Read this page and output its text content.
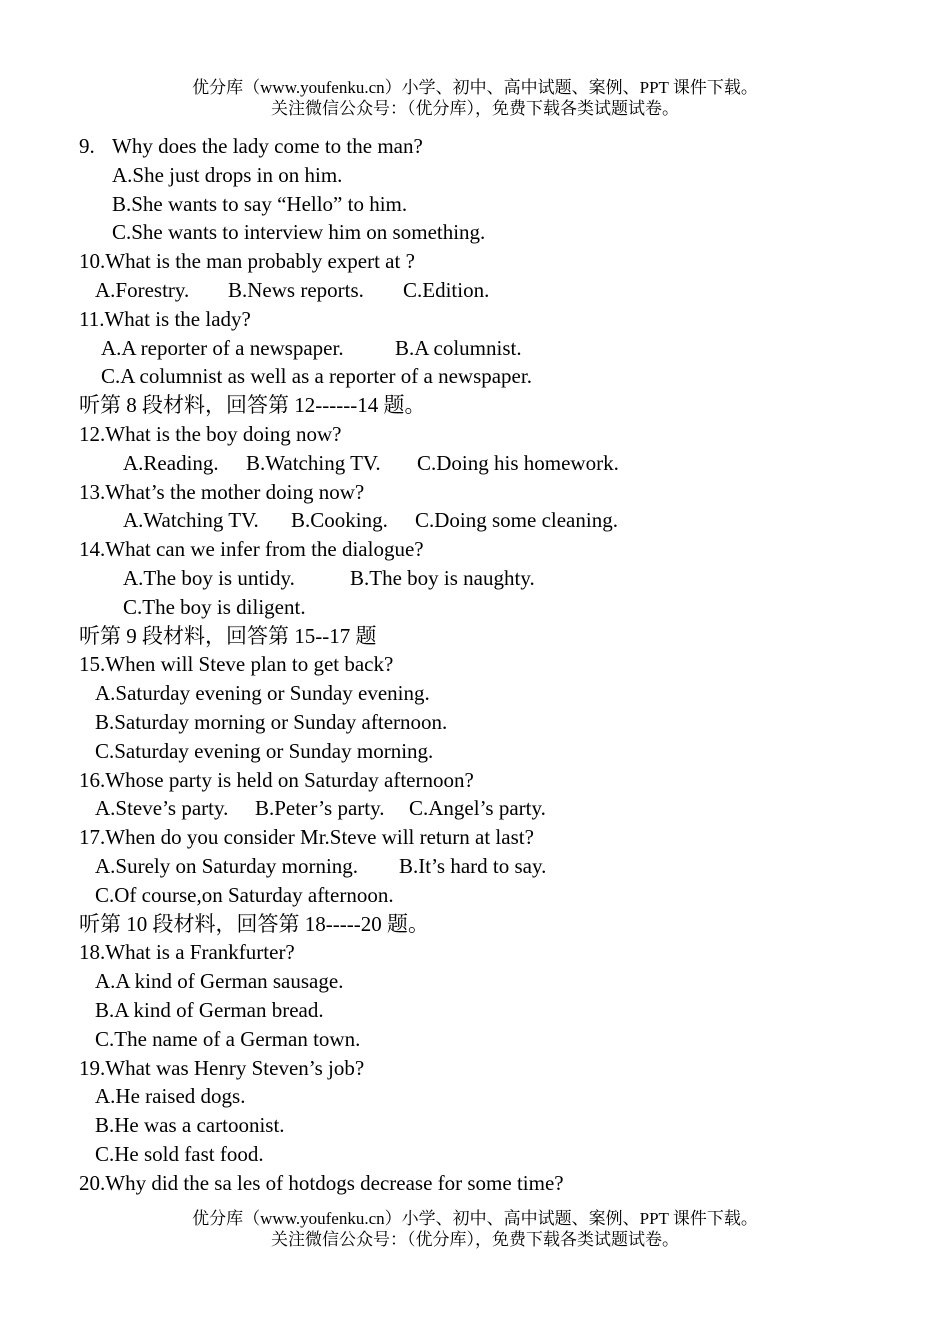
优分库（www.youfenku.cn）小学、初中、高中试题、案例、PPT 课件下载。
关注微信公众号：（优分库），免费下载各类试题试卷。
9. Why does the lady come to the man?
A.She just drops in on him.
B.She wants to say “Hello” to him.
C.She wants to interview him on something.
10.What is the man probably expert at ?
A.Forestry. B.News reports. C.Edition.
11.What is the lady?
A.A reporter of a newspaper. B.A columnist.
C.A columnist as well as a reporter of a newspaper.
听第 8 段材料，回答第 12------14 题。
12.What is the boy doing now?
A.Reading. B.Watching TV. C.Doing his homework.
13.What’s the mother doing now?
A.Watching TV. B.Cooking. C.Doing some cleaning.
14.What can we infer from the dialogue?
A.The boy is untidy.	B.The boy is naughty.
C.The boy is diligent.
听第 9 段材料，回答第 15--17 题
15.When will Steve plan to get back?
A.Saturday evening or Sunday evening.
B.Saturday morning or Sunday afternoon.
C.Saturday evening or Sunday morning.
16.Whose party is held on Saturday afternoon?
A.Steve’s party. B.Peter’s party. C.Angel’s party.
17.When do you consider Mr.Steve will return at last?
A.Surely on Saturday morning. B.It’s hard to say.
C.Of course,on Saturday afternoon.
听第 10 段材料，回答第 18-----20 题。
18.What is a Frankfurter?
A.A kind of German sausage.
B.A kind of German bread.
C.The name of a German town.
19.What was Henry Steven’s job?
A.He raised dogs.
B.He was a cartoonist.
C.He sold fast food.
20.Why did the sa les of hotdogs decrease for some time?
优分库（www.youfenku.cn）小学、初中、高中试题、案例、PPT 课件下载。
关注微信公众号：（优分库），免费下载各类试题试卷。
